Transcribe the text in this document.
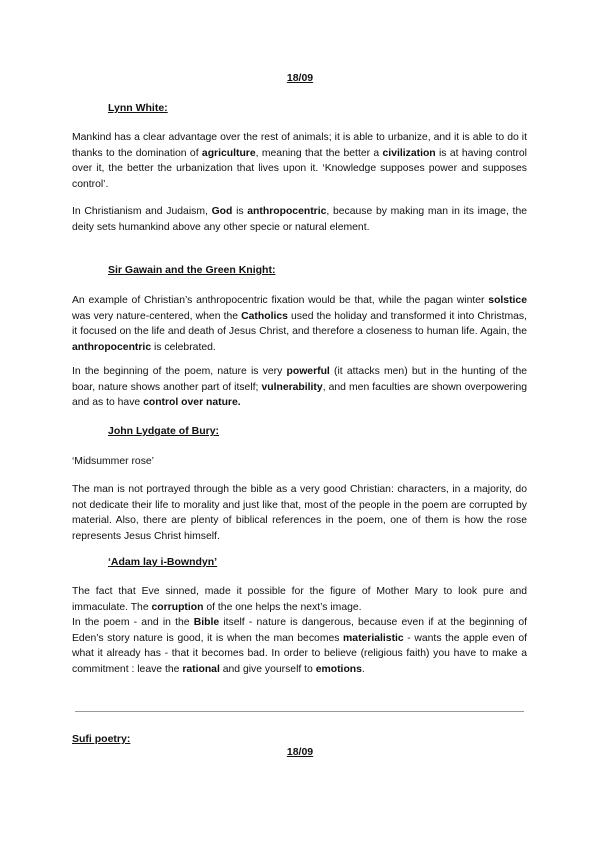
18/09
Lynn White:

Mankind has a clear advantage over the rest of animals; it is able to urbanize, and it is able to do it thanks to the domination of agriculture, meaning that the better a civilization is at having control over it, the better the urbanization that lives upon it. ‘Knowledge supposes power and supposes control’.

In Christianism and Judaism, God is anthropocentric, because by making man in its image, the deity sets humankind above any other specie or natural element.

Sir Gawain and the Green Knight:

An example of Christian’s anthropocentric fixation would be that, while the pagan winter solstice was very nature-centered, when the Catholics used the holiday and transformed it into Christmas, it focused on the life and death of Jesus Christ, and therefore a closeness to human life. Again, the anthropocentric is celebrated.

In the beginning of the poem, nature is very powerful (it attacks men) but in the hunting of the boar, nature shows another part of itself; vulnerability, and men faculties are shown overpowering and as to have control over nature.

John Lydgate of Bury:

‘Midsummer rose’

The man is not portrayed through the bible as a very good Christian: characters, in a majority, do not dedicate their life to morality and just like that, most of the people in the poem are corrupted by material. Also, there are plenty of biblical references in the poem, one of them is how the rose represents Jesus Christ himself.

‘Adam lay i-Bowndyn’

The fact that Eve sinned, made it possible for the figure of Mother Mary to look pure and immaculate. The corruption of the one helps the next’s image.

In the poem - and in the Bible itself - nature is dangerous, because even if at the beginning of Eden’s story nature is good, it is when the man becomes materialistic - wants the apple even of what it already has - that it becomes bad. In order to believe (religious faith) you have to make a commitment : leave the rational and give yourself to emotions.

Sufi poetry:
18/09
